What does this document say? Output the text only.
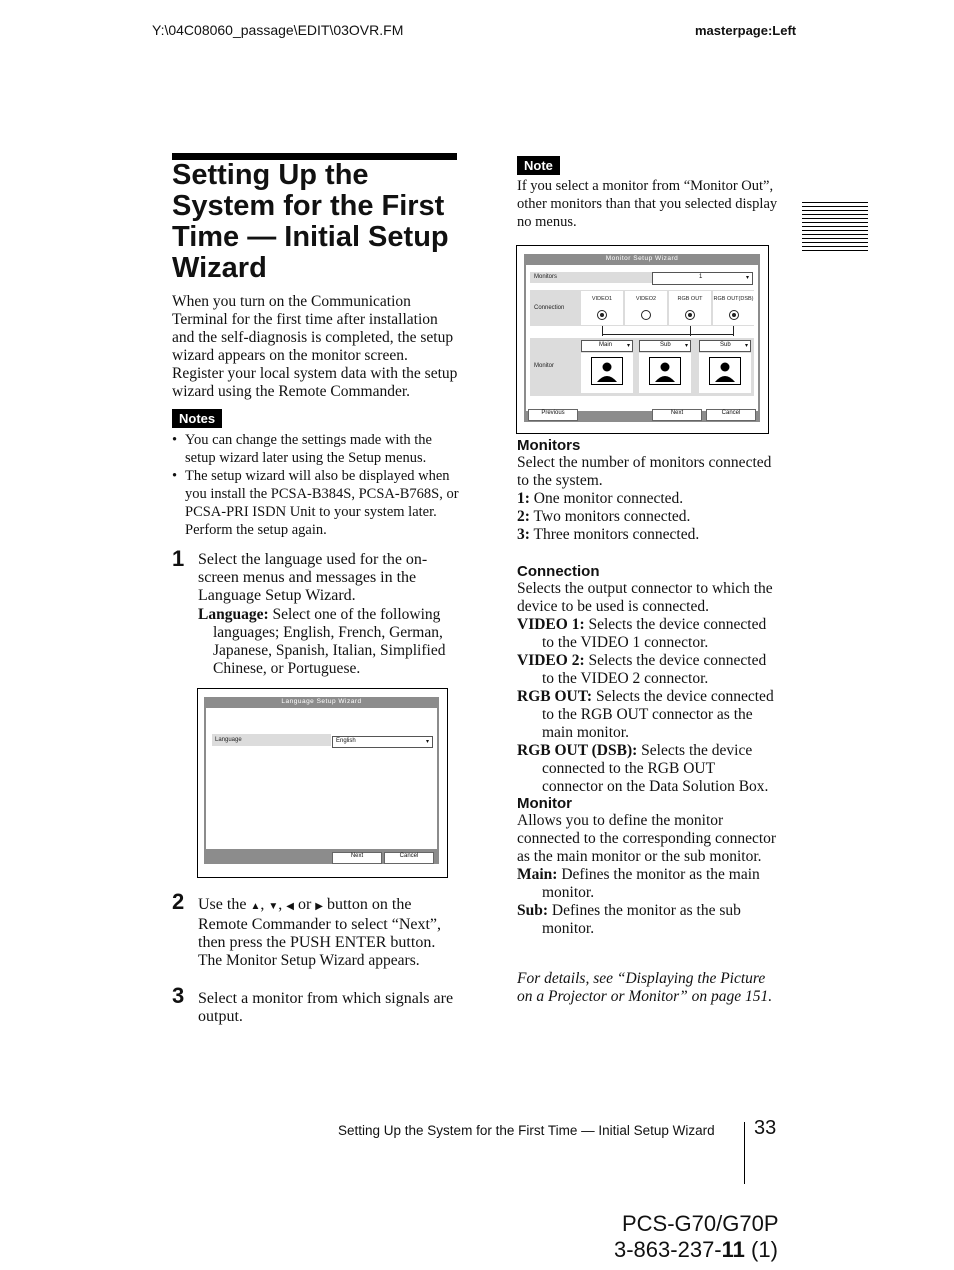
Y:\04C08060_passage\EDIT\03OVR.FM	masterpage:Left
Setting Up the System for the First Time — Initial Setup Wizard
When you turn on the Communication Terminal for the first time after installation and the self-diagnosis is completed, the setup wizard appears on the monitor screen. Register your local system data with the setup wizard using the Remote Commander.
Notes
• You can change the settings made with the setup wizard later using the Setup menus.
• The setup wizard will also be displayed when you install the PCSA-B384S, PCSA-B768S, or PCSA-PRI ISDN Unit to your system later. Perform the setup again.
1 Select the language used for the on-screen menus and messages in the Language Setup Wizard.
Language: Select one of the following languages; English, French, German, Japanese, Spanish, Italian, Simplified Chinese, or Portuguese.
Language Setup Wizard
Language	English	▾
Next	Cancel
2 Use the ▲, ▼, ◀ or ▶ button on the Remote Commander to select “Next”, then press the PUSH ENTER button.
The Monitor Setup Wizard appears.
3 Select a monitor from which signals are output.
Note
If you select a monitor from “Monitor Out”, other monitors than that you selected display no menus.
Monitor Setup Wizard
Monitors	1	▾
Connection
VIDEO1	VIDEO2	RGB OUT	RGB OUT(DSB)
Monitor
Main ▾	Sub ▾	Sub ▾
Previous	Next	Cancel
Monitors
Select the number of monitors connected to the system.
1: One monitor connected.
2: Two monitors connected.
3: Three monitors connected.
Connection
Selects the output connector to which the device to be used is connected.
VIDEO 1: Selects the device connected to the VIDEO 1 connector.
VIDEO 2: Selects the device connected to the VIDEO 2 connector.
RGB OUT: Selects the device connected to the RGB OUT connector as the main monitor.
RGB OUT (DSB): Selects the device connected to the RGB OUT connector on the Data Solution Box.
Monitor
Allows you to define the monitor connected to the corresponding connector as the main monitor or the sub monitor.
Main: Defines the monitor as the main monitor.
Sub: Defines the monitor as the sub monitor.
For details, see “Displaying the Picture on a Projector or Monitor” on page 151.
Setting Up the System for the First Time — Initial Setup Wizard 33
PCS-G70/G70P
3-863-237-11 (1)
